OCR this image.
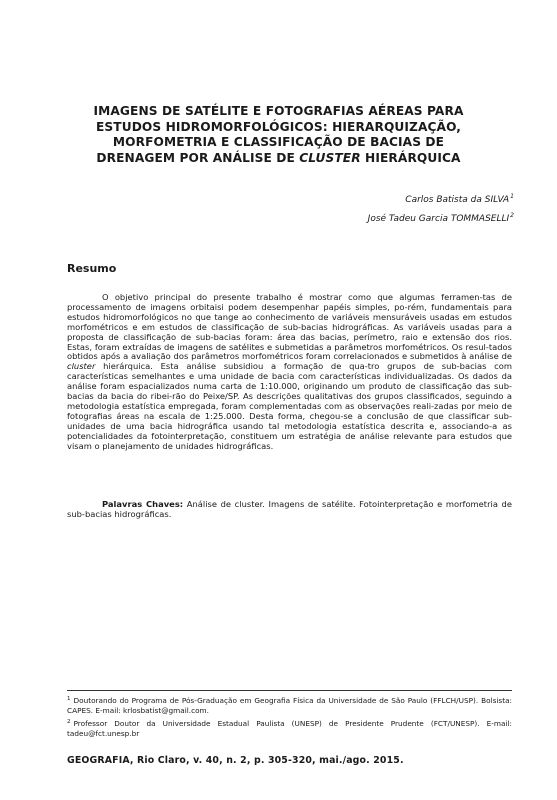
IMAGENS DE SATÉLITE E FOTOGRAFIAS AÉREAS PARA
ESTUDOS HIDROMORFOLÓGICOS: HIERARQUIZAÇÃO,
MORFOMETRIA E CLASSIFICAÇÃO DE BACIAS DE
DRENAGEM POR ANÁLISE DE CLUSTER HIERÁRQUICA
Carlos Batista da SILVA$^1$
José Tadeu Garcia TOMMASELLI$^2$
Resumo

O objetivo principal do presente trabalho é mostrar como que algumas ferramen-tas de processamento de imagens orbitaisi podem desempenhar papéis simples, po-rém, fundamentais para estudos hidromorfológicos no que tange ao conhecimento de variáveis mensuráveis usadas em estudos morfométricos e em estudos de classificação de sub-bacias hidrográficas. As variáveis usadas para a proposta de classificação de sub-bacias foram: área das bacias, perímetro, raio e extensão dos rios. Estas, foram extraídas de imagens de satélites e submetidas a parâmetros morfométricos. Os resul-tados obtidos após a avaliação dos parâmetros morfométricos foram correlacionados e submetidos à análise de cluster hierárquica. Esta análise subsidiou a formação de qua-tro grupos de sub-bacias com características semelhantes e uma unidade de bacia com características individualizadas. Os dados da análise foram espacializados numa carta de 1:10.000, originando um produto de classificação das sub-bacias da bacia do ribei-rão do Peixe/SP. As descrições qualitativas dos grupos classificados, seguindo a metodologia estatística empregada, foram complementadas com as observações reali-zadas por meio de fotografias áreas na escala de 1:25.000. Desta forma, chegou-se a conclusão de que classificar sub-unidades de uma bacia hidrográfica usando tal metodologia estatística descrita e, associando-a as potencialidades da fotointerpretação, constituem um estratégia de análise relevante para estudos que visam o planejamento de unidades hidrográficas.

Palavras Chaves: Análise de cluster. Imagens de satélite. Fotointerpretação e morfometria de sub-bacias hidrográficas.

$^1$ Doutorando do Programa de Pós-Graduação em Geografia Física da Universidade de São Paulo (FFLCH/USP). Bolsista: CAPES. E-mail: krlosbatist@gmail.com.

$^2$ Professor Doutor da Universidade Estadual Paulista (UNESP) de Presidente Prudente (FCT/UNESP). E-mail: tadeu@fct.unesp.br

GEOGRAFIA, Rio Claro, v. 40, n. 2, p. 305-320, mai./ago. 2015.
